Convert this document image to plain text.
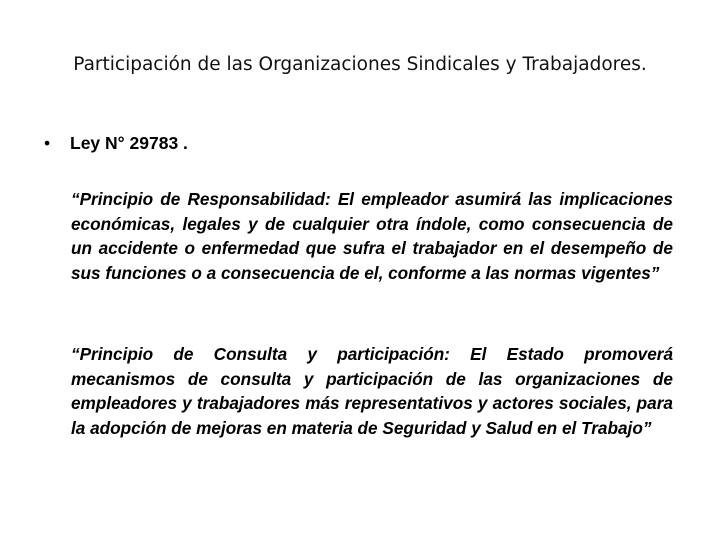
Participación de las Organizaciones Sindicales y Trabajadores.
•	Ley N° 29783 .
“Principio de Responsabilidad: El empleador asumirá las implicaciones económicas, legales y de cualquier otra índole, como consecuencia de un accidente o enfermedad que sufra el trabajador en el desempeño de sus funciones o a consecuencia de el, conforme a las normas vigentes”
“Principio de Consulta y participación: El Estado promoverá mecanismos de consulta y participación de las organizaciones de empleadores y trabajadores más representativos y actores sociales, para la adopción de mejoras en materia de Seguridad y Salud en el Trabajo”
